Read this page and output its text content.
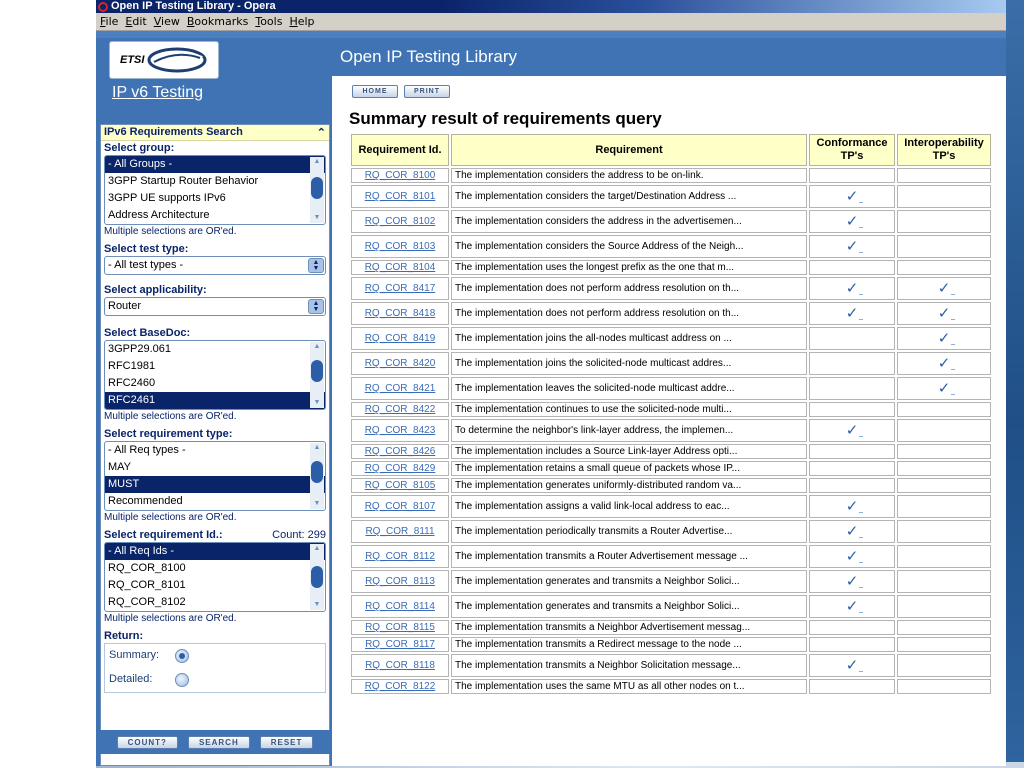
Open IP Testing Library - Opera
File Edit View Bookmarks Tools Help
ETSI
IP v6 Testing
IPv6 Requirements Search	⌃
Select group:
- All Groups -
3GPP Startup Router Behavior
3GPP UE supports IPv6
Address Architecture
▲
▼
Multiple selections are OR'ed.
Select test type:
- All test types -	▲
▼
Select applicability:
Router	▲
▼
Select BaseDoc:
3GPP29.061
RFC1981
RFC2460
RFC2461
▲
▼
Multiple selections are OR'ed.
Select requirement type:
- All Req types -
MAY
MUST
Recommended
▲
▼
Multiple selections are OR'ed.
Select requirement Id.:	Count: 299
- All Req Ids -
RQ_COR_8100
RQ_COR_8101
RQ_COR_8102
▲
▼
Multiple selections are OR'ed.
Return:
Summary:
Detailed:
COUNT?	SEARCH	RESET
Open IP Testing Library
HOME	PRINT
Summary result of requirements query
Requirement Id.	Requirement	Conformance TP's	Interoperability TP's
RQ_COR_8100	The implementation considers the address to be on-link.		
RQ_COR_8101	The implementation considers the target/Destination Address ...	✓	
RQ_COR_8102	The implementation considers the address in the advertisemen...	✓	
RQ_COR_8103	The implementation considers the Source Address of the Neigh...	✓	
RQ_COR_8104	The implementation uses the longest prefix as the one that m...		
RQ_COR_8417	The implementation does not perform address resolution on th...	✓	✓
RQ_COR_8418	The implementation does not perform address resolution on th...	✓	✓
RQ_COR_8419	The implementation joins the all-nodes multicast address on ...		✓
RQ_COR_8420	The implementation joins the solicited-node multicast addres...		✓
RQ_COR_8421	The implementation leaves the solicited-node multicast addre...		✓
RQ_COR_8422	The implementation continues to use the solicited-node multi...		
RQ_COR_8423	To determine the neighbor's link-layer address, the implemen...	✓	
RQ_COR_8426	The implementation includes a Source Link-layer Address opti...		
RQ_COR_8429	The implementation retains a small queue of packets whose IP...		
RQ_COR_8105	The implementation generates uniformly-distributed random va...		
RQ_COR_8107	The implementation assigns a valid link-local address to eac...	✓	
RQ_COR_8111	The implementation periodically transmits a Router Advertise...	✓	
RQ_COR_8112	The implementation transmits a Router Advertisement message ...	✓	
RQ_COR_8113	The implementation generates and transmits a Neighbor Solici...	✓	
RQ_COR_8114	The implementation generates and transmits a Neighbor Solici...	✓	
RQ_COR_8115	The implementation transmits a Neighbor Advertisement messag...		
RQ_COR_8117	The implementation transmits a Redirect message to the node ...		
RQ_COR_8118	The implementation transmits a Neighbor Solicitation message...	✓	
RQ_COR_8122	The implementation uses the same MTU as all other nodes on t...		
